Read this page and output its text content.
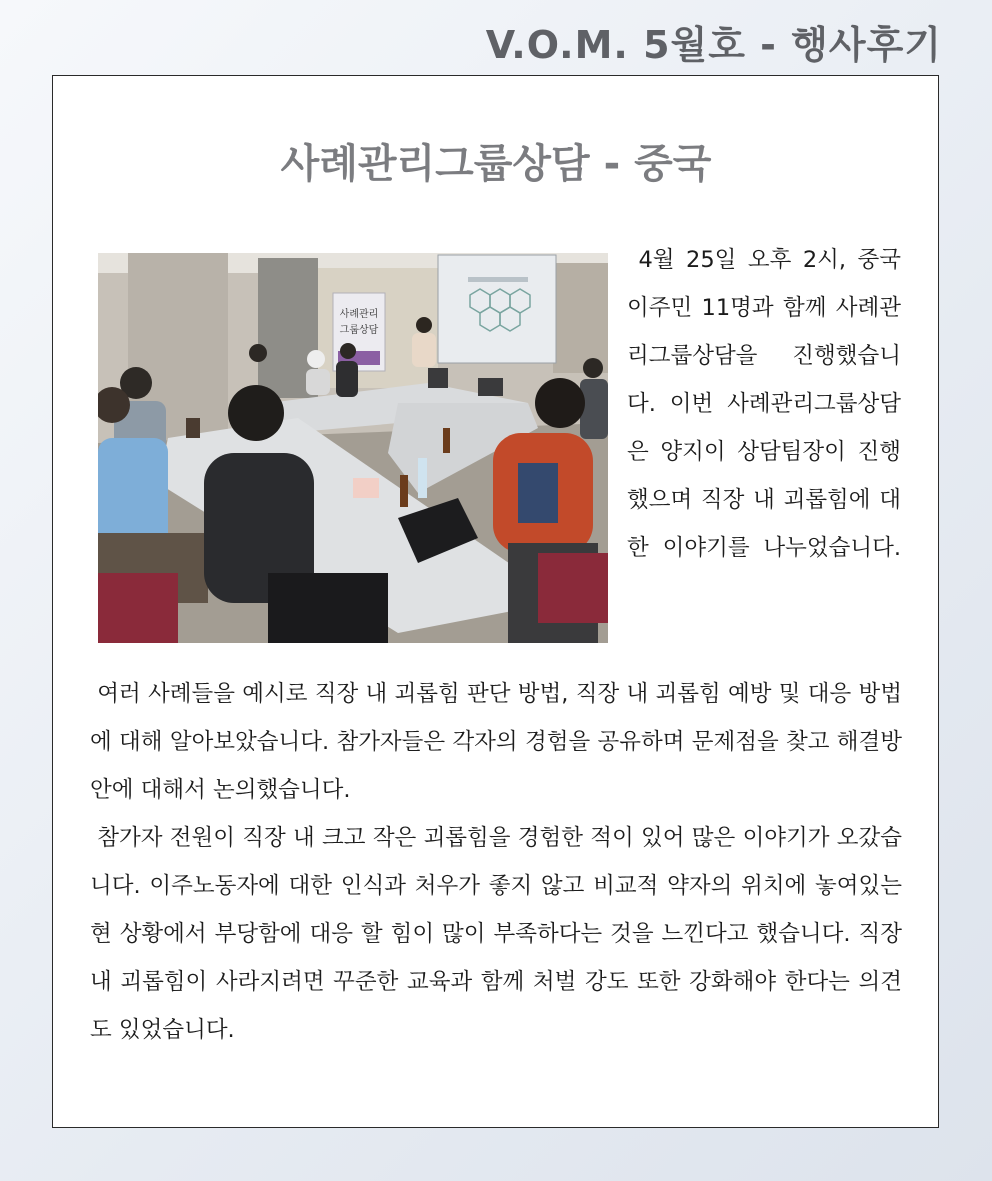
V.O.M. 5월호 - 행사후기
사례관리그룹상담 - 중국
사례관리
그룹상담

4월 25일 오후 2시, 중국 이주민 11명과 함께 사례관리그룹상담을 진행했습니다. 이번 사례관리그룹상담은 양지이 상담팀장이 진행했으며 직장 내 괴롭힘에 대한 이야기를 나누었습니다.

여러 사례들을 예시로 직장 내 괴롭힘 판단 방법, 직장 내 괴롭힘 예방 및 대응 방법에 대해 알아보았습니다. 참가자들은 각자의 경험을 공유하며 문제점을 찾고 해결방안에 대해서 논의했습니다.

참가자 전원이 직장 내 크고 작은 괴롭힘을 경험한 적이 있어 많은 이야기가 오갔습니다. 이주노동자에 대한 인식과 처우가 좋지 않고 비교적 약자의 위치에 놓여있는 현 상황에서 부당함에 대응 할 힘이 많이 부족하다는 것을 느낀다고 했습니다. 직장 내 괴롭힘이 사라지려면 꾸준한 교육과 함께 처벌 강도 또한 강화해야 한다는 의견도 있었습니다.
